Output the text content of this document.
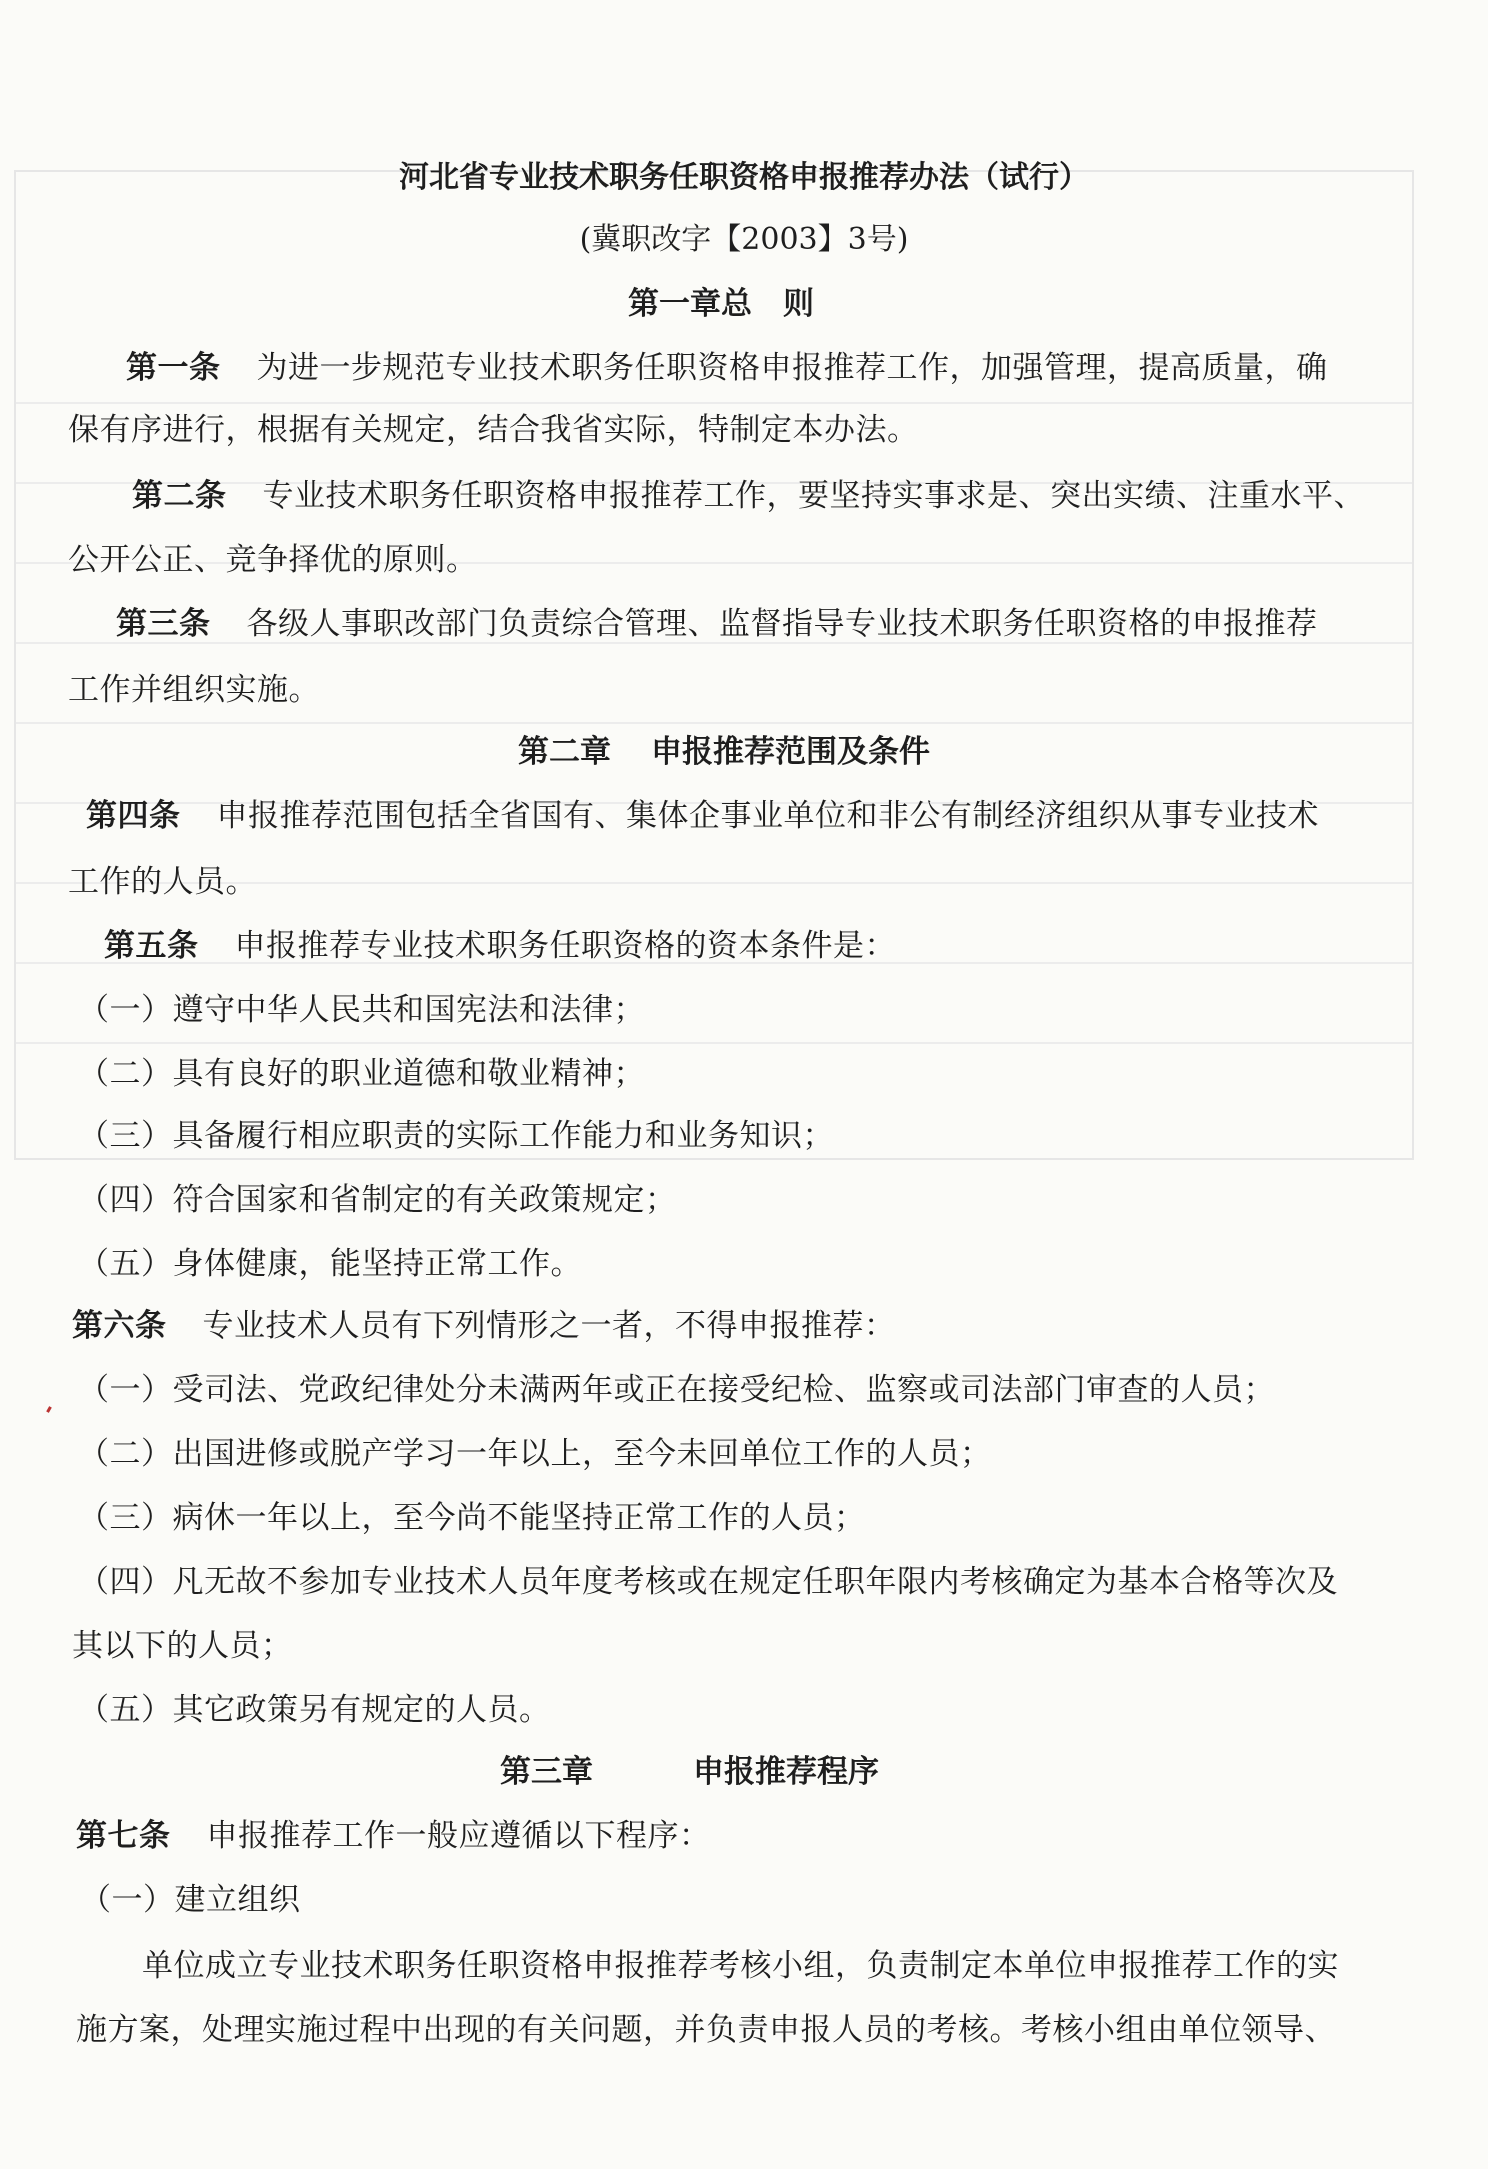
河北省专业技术职务任职资格申报推荐办法（试行）
(冀职改字【2003】3号)
第一章总　则
第一条 为进一步规范专业技术职务任职资格申报推荐工作，加强管理，提高质量，确
保有序进行，根据有关规定，结合我省实际，特制定本办法。
第二条 专业技术职务任职资格申报推荐工作，要坚持实事求是、突出实绩、注重水平、
公开公正、竞争择优的原则。
第三条 各级人事职改部门负责综合管理、监督指导专业技术职务任职资格的申报推荐
工作并组织实施。
第二章 申报推荐范围及条件
第四条 申报推荐范围包括全省国有、集体企事业单位和非公有制经济组织从事专业技术
工作的人员。
第五条 申报推荐专业技术职务任职资格的资本条件是：
（一）遵守中华人民共和国宪法和法律；
（二）具有良好的职业道德和敬业精神；
（三）具备履行相应职责的实际工作能力和业务知识；
（四）符合国家和省制定的有关政策规定；
（五）身体健康，能坚持正常工作。
第六条 专业技术人员有下列情形之一者，不得申报推荐：
（一）受司法、党政纪律处分未满两年或正在接受纪检、监察或司法部门审查的人员；
（二）出国进修或脱产学习一年以上，至今未回单位工作的人员；
（三）病休一年以上，至今尚不能坚持正常工作的人员；
（四）凡无故不参加专业技术人员年度考核或在规定任职年限内考核确定为基本合格等次及
其以下的人员；
（五）其它政策另有规定的人员。
第三章	申报推荐程序
第七条 申报推荐工作一般应遵循以下程序：
（一）建立组织
单位成立专业技术职务任职资格申报推荐考核小组，负责制定本单位申报推荐工作的实
施方案，处理实施过程中出现的有关问题，并负责申报人员的考核。考核小组由单位领导、
